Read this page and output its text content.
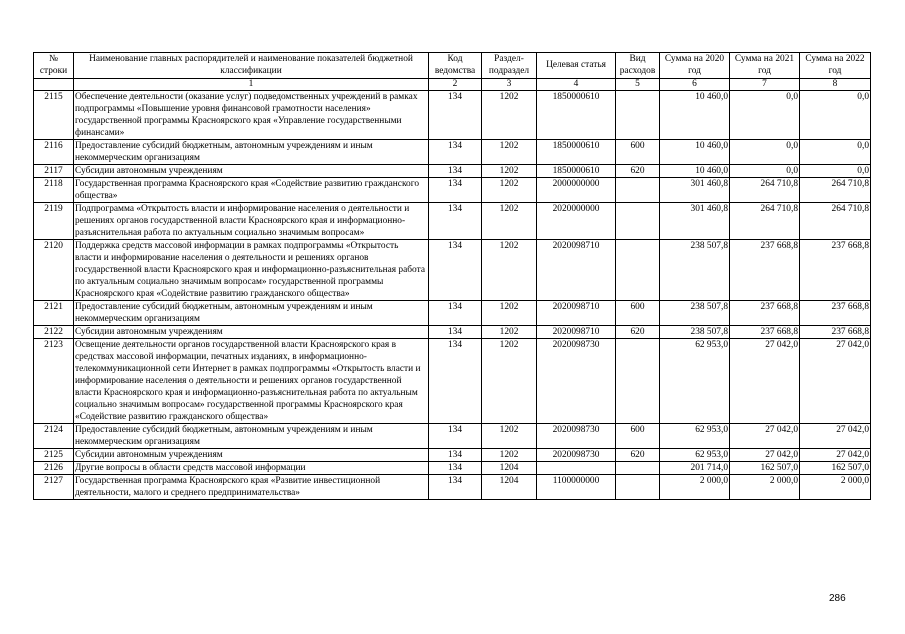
№ строки	Наименование главных распорядителей и наименование показателей бюджетной классификации	Код ведомства	Раздел-подраздел	Целевая статья	Вид расходов	Сумма на 2020 год	Сумма на 2021 год	Сумма на 2022 год
	1	2	3	4	5	6	7	8
2115	Обеспечение деятельности (оказание услуг) подведомственных учреждений в рамках подпрограммы «Повышение уровня финансовой грамотности населения» государственной программы Красноярского края «Управление государственными финансами»	134	1202	1850000610		10 460,0	0,0	0,0
2116	Предоставление субсидий бюджетным, автономным учреждениям и иным некоммерческим организациям	134	1202	1850000610	600	10 460,0	0,0	0,0
2117	Субсидии автономным учреждениям	134	1202	1850000610	620	10 460,0	0,0	0,0
2118	Государственная программа Красноярского края «Содействие развитию гражданского общества»	134	1202	2000000000		301 460,8	264 710,8	264 710,8
2119	Подпрограмма «Открытость власти и информирование населения о деятельности и решениях органов государственной власти Красноярского края и информационно-разъяснительная работа по актуальным социально значимым вопросам»	134	1202	2020000000		301 460,8	264 710,8	264 710,8
2120	Поддержка средств массовой информации в рамках подпрограммы «Открытость власти и информирование населения о деятельности и решениях органов государственной власти Красноярского края и информационно-разъяснительная работа по актуальным социально значимым вопросам» государственной программы Красноярского края «Содействие развитию гражданского общества»	134	1202	2020098710		238 507,8	237 668,8	237 668,8
2121	Предоставление субсидий бюджетным, автономным учреждениям и иным некоммерческим организациям	134	1202	2020098710	600	238 507,8	237 668,8	237 668,8
2122	Субсидии автономным учреждениям	134	1202	2020098710	620	238 507,8	237 668,8	237 668,8
2123	Освещение деятельности органов государственной власти Красноярского края в средствах массовой информации, печатных изданиях, в информационно-телекоммуникационной сети Интернет в рамках подпрограммы «Открытость власти и информирование населения о деятельности и решениях органов государственной власти Красноярского края и информационно-разъяснительная работа по актуальным социально значимым вопросам» государственной программы Красноярского края «Содействие развитию гражданского общества»	134	1202	2020098730		62 953,0	27 042,0	27 042,0
2124	Предоставление субсидий бюджетным, автономным учреждениям и иным некоммерческим организациям	134	1202	2020098730	600	62 953,0	27 042,0	27 042,0
2125	Субсидии автономным учреждениям	134	1202	2020098730	620	62 953,0	27 042,0	27 042,0
2126	Другие вопросы в области средств массовой информации	134	1204			201 714,0	162 507,0	162 507,0
2127	Государственная программа Красноярского края «Развитие инвестиционной деятельности, малого и среднего предпринимательства»	134	1204	1100000000		2 000,0	2 000,0	2 000,0
286
